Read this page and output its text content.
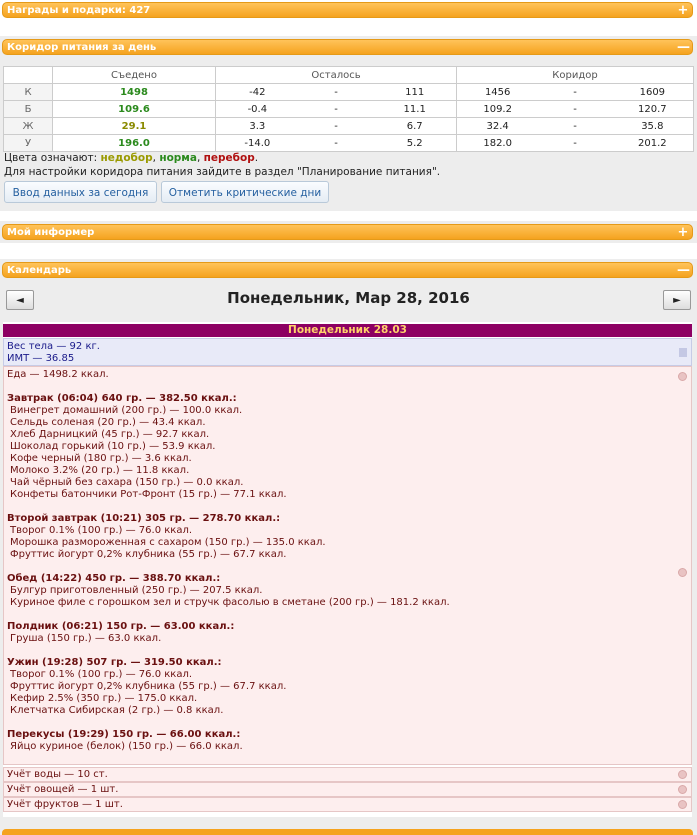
Награды и подарки: 427	+
Коридор питания за день	—
	Съедено	Осталось	Коридор
К	1498	-42 - 111	1456 - 1609

Б	109.6	-0.4 - 11.1	109.2 - 120.7

Ж	29.1	3.3 - 6.7	32.4 - 35.8

У	196.0	-14.0 - 5.2	182.0 - 201.2
Цвета означают: недобор, норма, перебор.
Для настройки коридора питания зайдите в раздел "Планирование питания".
Ввод данных за сегодня	Отметить критические дни
Мой информер	+
Календарь	—
Понедельник, Мар 28, 2016
◄	►
Понедельник 28.03
Вес тела — 92 кг.
ИМТ — 36.85
Еда — 1498.2 ккал.
Завтрак (06:04) 640 гр. — 382.50 ккал.:
Винегрет домашний (200 гр.) — 100.0 ккал.
Сельдь соленая (20 гр.) — 43.4 ккал.
Хлеб Дарницкий (45 гр.) — 92.7 ккал.
Шоколад горький (10 гр.) — 53.9 ккал.
Кофе черный (180 гр.) — 3.6 ккал.
Молоко 3.2% (20 гр.) — 11.8 ккал.
Чай чёрный без сахара (150 гр.) — 0.0 ккал.
Конфеты батончики Рот-Фронт (15 гр.) — 77.1 ккал.
Второй завтрак (10:21) 305 гр. — 278.70 ккал.:
Творог 0.1% (100 гр.) — 76.0 ккал.
Морошка размороженная с сахаром (150 гр.) — 135.0 ккал.
Фруттис йогурт 0,2% клубника (55 гр.) — 67.7 ккал.
Обед (14:22) 450 гр. — 388.70 ккал.:
Булгур приготовленный (250 гр.) — 207.5 ккал.
Куриное филе с горошком зел и стручк фасолью в сметане (200 гр.) — 181.2 ккал.
Полдник (06:21) 150 гр. — 63.00 ккал.:
Груша (150 гр.) — 63.0 ккал.
Ужин (19:28) 507 гр. — 319.50 ккал.:
Творог 0.1% (100 гр.) — 76.0 ккал.
Фруттис йогурт 0,2% клубника (55 гр.) — 67.7 ккал.
Кефир 2.5% (350 гр.) — 175.0 ккал.
Клетчатка Сибирская (2 гр.) — 0.8 ккал.
Перекусы (19:29) 150 гр. — 66.00 ккал.:
Яйцо куриное (белок) (150 гр.) — 66.0 ккал.
Учёт воды — 10 ст.
Учёт овощей — 1 шт.
Учёт фруктов — 1 шт.
